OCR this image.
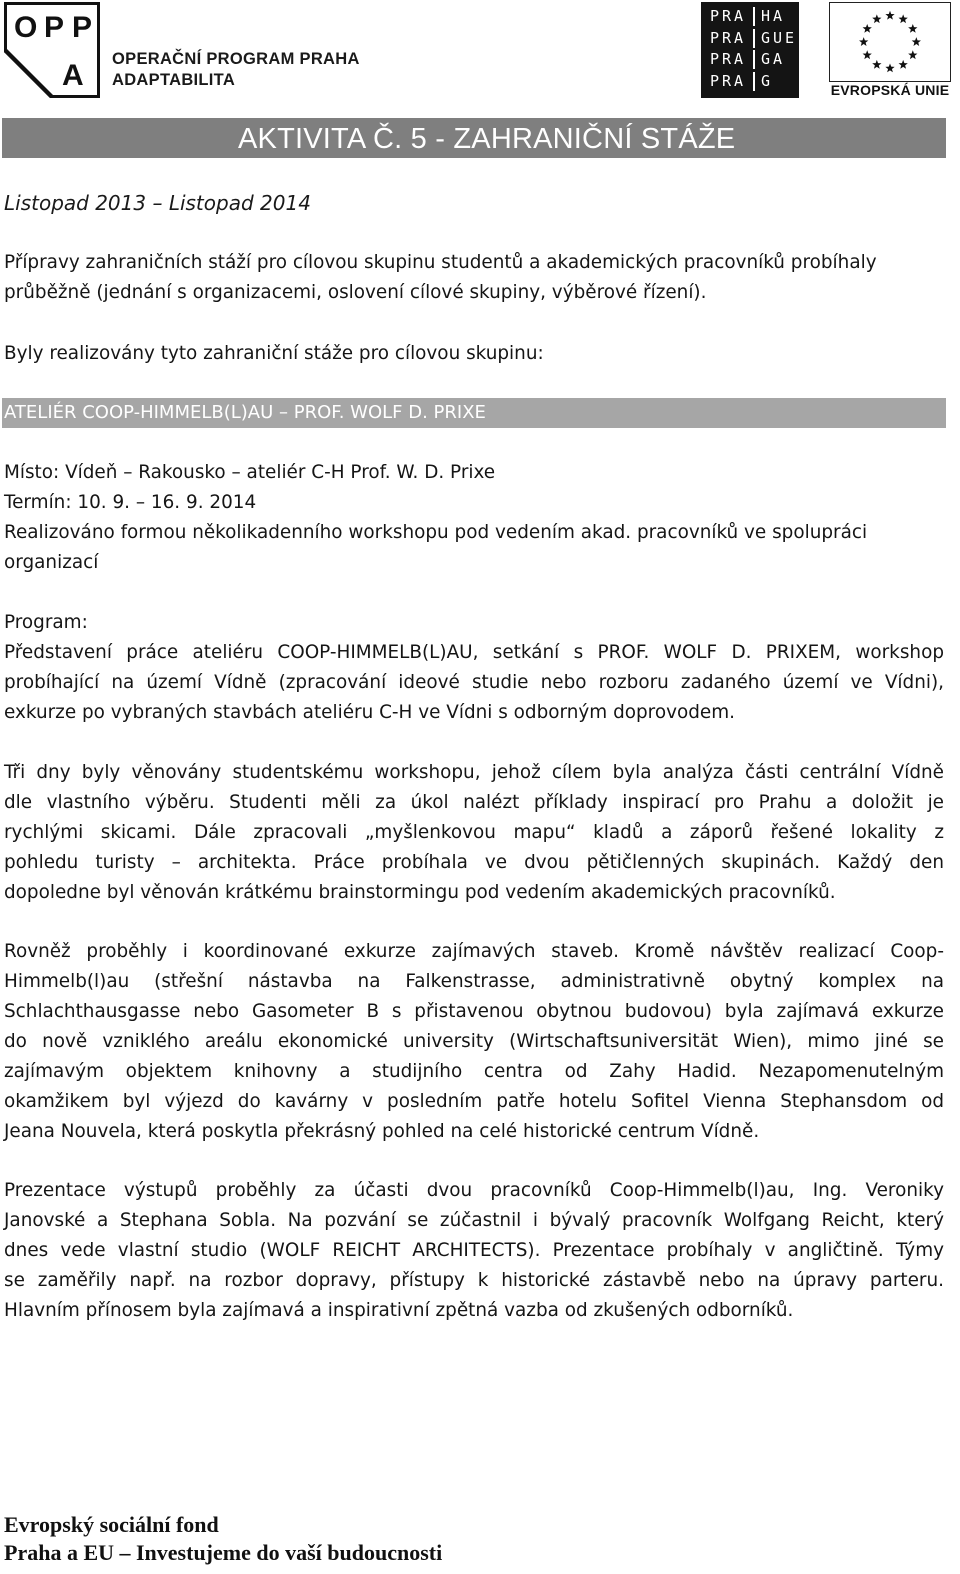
O P P
A OPERAČNÍ PROGRAM PRAHA
ADAPTABILITA
PRA HA
PRA GUE
PRA GA
PRA G
EVROPSKÁ UNIE
AKTIVITA Č. 5 - ZAHRANIČNÍ STÁŽE
Listopad 2013 – Listopad 2014
Přípravy zahraničních stáží pro cílovou skupinu studentů a akademických pracovníků probíhaly
průběžně (jednání s organizacemi, oslovení cílové skupiny, výběrové řízení).
Byly realizovány tyto zahraniční stáže pro cílovou skupinu:
ATELIÉR COOP-HIMMELB(L)AU – PROF. WOLF D. PRIXE
Místo: Vídeň – Rakousko – ateliér C-H Prof. W. D. Prixe
Termín: 10. 9. – 16. 9. 2014
Realizováno formou několikadenního workshopu pod vedením akad. pracovníků ve spolupráci
organizací
Program:
Představení práce ateliéru COOP-HIMMELB(L)AU, setkání s PROF. WOLF D. PRIXEM, workshop
probíhající na území Vídně (zpracování ideové studie nebo rozboru zadaného území ve Vídni),
exkurze po vybraných stavbách ateliéru C-H ve Vídni s odborným doprovodem.
Tři dny byly věnovány studentskému workshopu, jehož cílem byla analýza části centrální Vídně
dle vlastního výběru. Studenti měli za úkol nalézt příklady inspirací pro Prahu a doložit je
rychlými skicami. Dále zpracovali „myšlenkovou mapu“ kladů a záporů řešené lokality z
pohledu turisty – architekta. Práce probíhala ve dvou pětičlenných skupinách. Každý den
dopoledne byl věnován krátkému brainstormingu pod vedením akademických pracovníků.
Rovněž proběhly i koordinované exkurze zajímavých staveb. Kromě návštěv realizací Coop-
Himmelb(l)au (střešní nástavba na Falkenstrasse, administrativně obytný komplex na
Schlachthausgasse nebo Gasometer B s přistavenou obytnou budovou) byla zajímavá exkurze
do nově vzniklého areálu ekonomické university (Wirtschaftsuniversität Wien), mimo jiné se
zajímavým objektem knihovny a studijního centra od Zahy Hadid. Nezapomenutelným
okamžikem byl výjezd do kavárny v posledním patře hotelu Sofitel Vienna Stephansdom od
Jeana Nouvela, která poskytla překrásný pohled na celé historické centrum Vídně.
Prezentace výstupů proběhly za účasti dvou pracovníků Coop-Himmelb(l)au, Ing. Veroniky
Janovské a Stephana Sobla. Na pozvání se zúčastnil i bývalý pracovník Wolfgang Reicht, který
dnes vede vlastní studio (WOLF REICHT ARCHITECTS). Prezentace probíhaly v angličtině. Týmy
se zaměřily např. na rozbor dopravy, přístupy k historické zástavbě nebo na úpravy parteru.
Hlavním přínosem byla zajímavá a inspirativní zpětná vazba od zkušených odborníků.
Evropský sociální fond
Praha a EU – Investujeme do vaší budoucnosti
